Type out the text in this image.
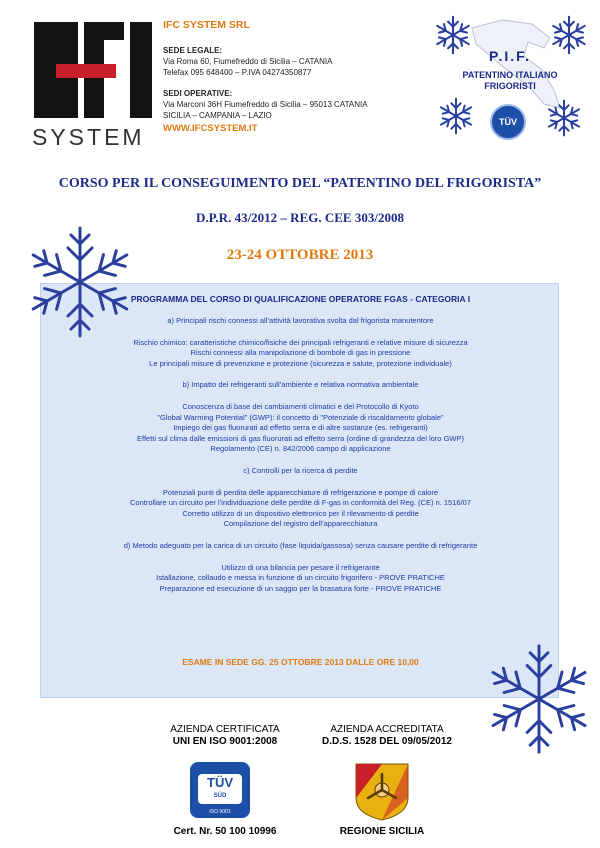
SYSTEM
IFC SYSTEM SRL
SEDE LEGALE:
Via Roma 60, Fiumefreddo di Sicilia – CATANIA
Telefax 095 648400 – P.IVA 04274350877
SEDI OPERATIVE:
Via Marconi 36H Fiumefreddo di Sicilia – 95013 CATANIA
SICILIA – CAMPANIA – LAZIO
WWW.IFCSYSTEM.IT
P.I.F.
PATENTINO ITALIANO
FRIGORISTI
TÜV
CORSO PER IL CONSEGUIMENTO DEL “PATENTINO DEL FRIGORISTA”
D.P.R. 43/2012 – REG. CEE 303/2008
23-24 OTTOBRE 2013
PROGRAMMA DEL CORSO DI QUALIFICAZIONE OPERATORE FGAS - CATEGORIA I

a) Principali rischi connessi all’attività lavorativa svolta dal frigorista manutentore

Rischio chimico: caratteristiche chimico/fisiche dei principali refrigeranti e relative misure di sicurezza

Rischi connessi alla manipolazione di bombole di gas in pressione

Le principali misure di prevenzione e protezione (sicurezza e salute, protezione individuale)

b) Impatto dei refrigeranti sull’ambiente e relativa normativa ambientale

Conoscenza di base dei cambiamenti climatici e del Protocollo di Kyoto

"Global Warming Potential" (GWP): il concetto di "Potenziale di riscaldamento globale"

Impiego dei gas fluorurati ad effetto serra e di altre sostanze (es. refrigeranti)

Effetti sul clima dalle emissioni di gas fluorurati ad effetto serra (ordine di grandezza del loro GWP)

Regolamento (CE) n. 842/2006 campo di applicazione

c) Controlli per la ricerca di perdite

Potenziali punti di perdita delle apparecchiature di refrigerazione e pompe di calore

Controllare un circuito per l’individuazione delle perdite di F-gas in conformità del Reg. (CE) n. 1516/07

Corretto utilizzo di un dispositivo elettronico per il rilevamento di perdite

Compilazione del registro dell’apparecchiatura

d) Metodo adeguato per la carica di un circuito (fase liquida/gassosa) senza causare perdite di refrigerante

Utilizzo di una bilancia per pesare il refrigerante

Istallazione, collaudo e messa in funzione di un circuito frigorifero - PROVE PRATICHE

Preparazione ed esecuzione di un saggio per la brasatura forte - PROVE PRATICHE

ESAME IN SEDE GG. 25 OTTOBRE 2013 DALLE ORE 10,00
AZIENDA CERTIFICATA
UNI EN ISO 9001:2008
AZIENDA ACCREDITATA
D.D.S. 1528 DEL 09/05/2012
TÜV
SÜD
ISO 9001
Cert. Nr. 50 100 10996	REGIONE SICILIA
